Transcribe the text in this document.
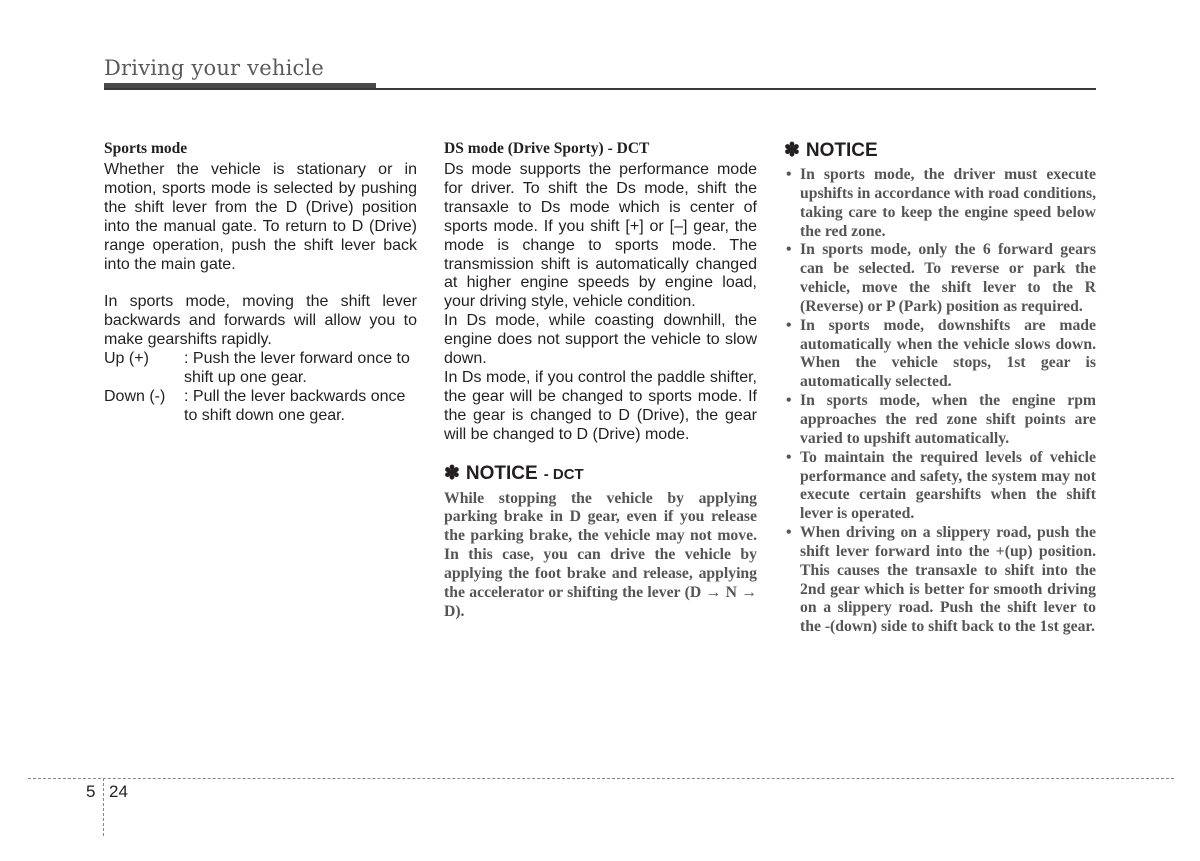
Driving your vehicle
Sports mode

Whether the vehicle is stationary or in motion, sports mode is selected by pushing the shift lever from the D (Drive) position into the manual gate. To return to D (Drive) range operation, push the shift lever back into the main gate.

In sports mode, moving the shift lever backwards and forwards will allow you to make gearshifts rapidly.

Up (+)	: Push the lever forward once to shift up one gear.
Down (-)	: Pull the lever backwards once to shift down one gear.
DS mode (Drive Sporty) - DCT

Ds mode supports the performance mode for driver. To shift the Ds mode, shift the transaxle to Ds mode which is center of sports mode. If you shift [+] or [–] gear, the mode is change to sports mode. The transmission shift is automatically changed at higher engine speeds by engine load, your driving style, vehicle condition.

In Ds mode, while coasting downhill, the engine does not support the vehicle to slow down.

In Ds mode, if you control the paddle shifter, the gear will be changed to sports mode. If the gear is changed to D (Drive), the gear will be changed to D (Drive) mode.

✽ NOTICE - DCT
While stopping the vehicle by applying parking brake in D gear, even if you release the parking brake, the vehicle may not move. In this case, you can drive the vehicle by applying the foot brake and release, applying the accelerator or shifting the lever (D → N → D).
✽ NOTICE
• In sports mode, the driver must execute upshifts in accordance with road conditions, taking care to keep the engine speed below the red zone.
• In sports mode, only the 6 forward gears can be selected. To reverse or park the vehicle, move the shift lever to the R (Reverse) or P (Park) position as required.
• In sports mode, downshifts are made automatically when the vehicle slows down. When the vehicle stops, 1st gear is automatically selected.
• In sports mode, when the engine rpm approaches the red zone shift points are varied to upshift automatically.
• To maintain the required levels of vehicle performance and safety, the system may not execute certain gearshifts when the shift lever is operated.
• When driving on a slippery road, push the shift lever forward into the +(up) position. This causes the transaxle to shift into the 2nd gear which is better for smooth driving on a slippery road. Push the shift lever to the -(down) side to shift back to the 1st gear.
5 24
